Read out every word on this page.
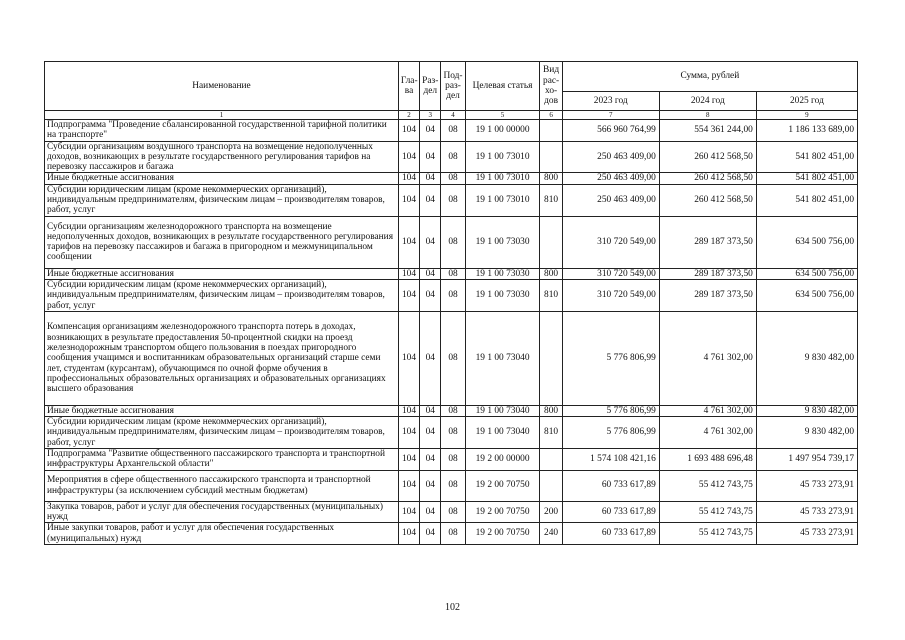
Наименование	Гла-ва	Раз-дел	Под-раз-дел	Целевая статья	Вид рас-хо-дов	Сумма, рублей		
						2023 год	2024 год	2025 год
1	2	3	4	5	6	7	8	9
Подпрограмма "Проведение сбалансированной государственной тарифной политики на транспорте"	104	04	08	19 1 00 00000		566 960 764,99	554 361 244,00	1 186 133 689,00
Субсидии организациям воздушного транспорта на возмещение недополученных доходов, возникающих в результате государственного регулирования тарифов на перевозку пассажиров и багажа	104	04	08	19 1 00 73010		250 463 409,00	260 412 568,50	541 802 451,00
Иные бюджетные ассигнования	104	04	08	19 1 00 73010	800	250 463 409,00	260 412 568,50	541 802 451,00
Субсидии юридическим лицам (кроме некоммерческих организаций), индивидуальным предпринимателям, физическим лицам – производителям товаров, работ, услуг	104	04	08	19 1 00 73010	810	250 463 409,00	260 412 568,50	541 802 451,00
Субсидии организациям железнодорожного транспорта на возмещение недополученных доходов, возникающих в результате государственного регулирования тарифов на перевозку пассажиров и багажа в пригородном и межмуниципальном сообщении	104	04	08	19 1 00 73030		310 720 549,00	289 187 373,50	634 500 756,00
Иные бюджетные ассигнования	104	04	08	19 1 00 73030	800	310 720 549,00	289 187 373,50	634 500 756,00
Субсидии юридическим лицам (кроме некоммерческих организаций), индивидуальным предпринимателям, физическим лицам – производителям товаров, работ, услуг	104	04	08	19 1 00 73030	810	310 720 549,00	289 187 373,50	634 500 756,00
Компенсация организациям железнодорожного транспорта потерь в доходах, возникающих в результате предоставления 50-процентной скидки на проезд железнодорожным транспортом общего пользования в поездах пригородного сообщения учащимся и воспитанникам образовательных организаций старше семи лет, студентам (курсантам), обучающимся по очной форме обучения в профессиональных образовательных организациях и образовательных организациях высшего образования	104	04	08	19 1 00 73040		5 776 806,99	4 761 302,00	9 830 482,00
Иные бюджетные ассигнования	104	04	08	19 1 00 73040	800	5 776 806,99	4 761 302,00	9 830 482,00
Субсидии юридическим лицам (кроме некоммерческих организаций), индивидуальным предпринимателям, физическим лицам – производителям товаров, работ, услуг	104	04	08	19 1 00 73040	810	5 776 806,99	4 761 302,00	9 830 482,00
Подпрограмма "Развитие общественного пассажирского транспорта и транспортной инфраструктуры Архангельской области"	104	04	08	19 2 00 00000		1 574 108 421,16	1 693 488 696,48	1 497 954 739,17
Мероприятия в сфере общественного пассажирского транспорта и транспортной инфраструктуры (за исключением субсидий местным бюджетам)	104	04	08	19 2 00 70750		60 733 617,89	55 412 743,75	45 733 273,91
Закупка товаров, работ и услуг для обеспечения государственных (муниципальных) нужд	104	04	08	19 2 00 70750	200	60 733 617,89	55 412 743,75	45 733 273,91
Иные закупки товаров, работ и услуг для обеспечения государственных (муниципальных) нужд	104	04	08	19 2 00 70750	240	60 733 617,89	55 412 743,75	45 733 273,91
102
